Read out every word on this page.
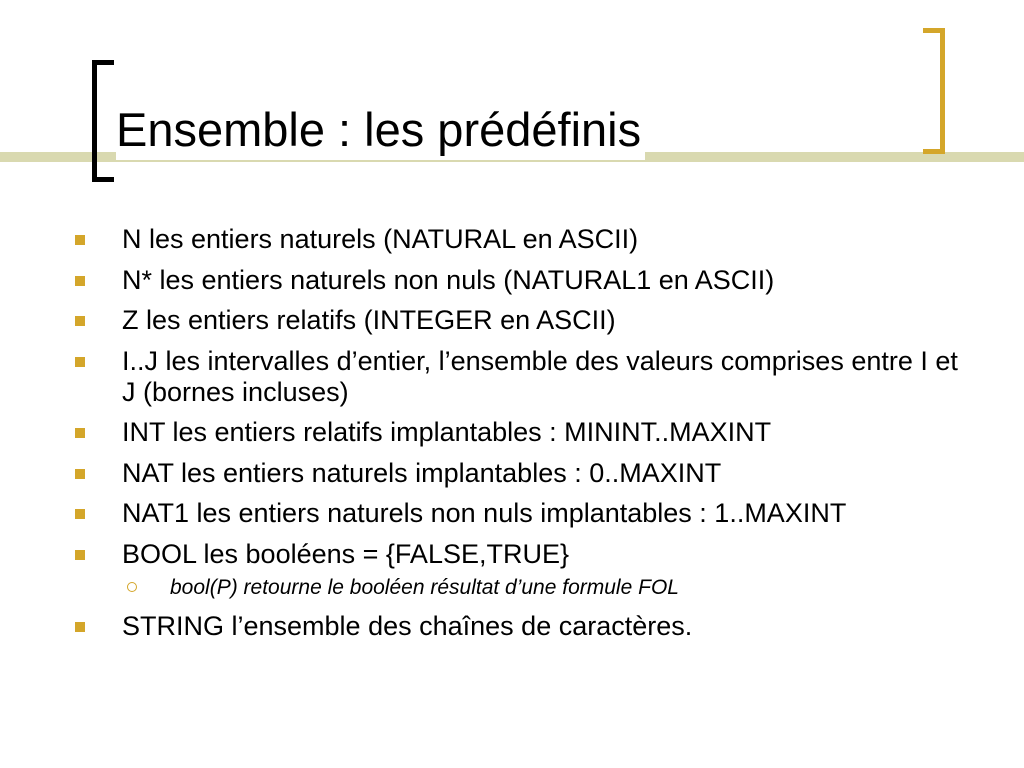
Ensemble : les prédéfinis
N les entiers naturels (NATURAL en ASCII)
N* les entiers naturels non nuls (NATURAL1 en ASCII)
Z les entiers relatifs (INTEGER en ASCII)
I..J les intervalles d’entier, l’ensemble des valeurs comprises entre I et J (bornes incluses)
INT les entiers relatifs implantables : MININT..MAXINT
NAT les entiers naturels implantables : 0..MAXINT
NAT1 les entiers naturels non nuls implantables : 1..MAXINT
BOOL les booléens = {FALSE,TRUE}
bool(P) retourne le booléen résultat d’une formule FOL
STRING l’ensemble des chaînes de caractères.
